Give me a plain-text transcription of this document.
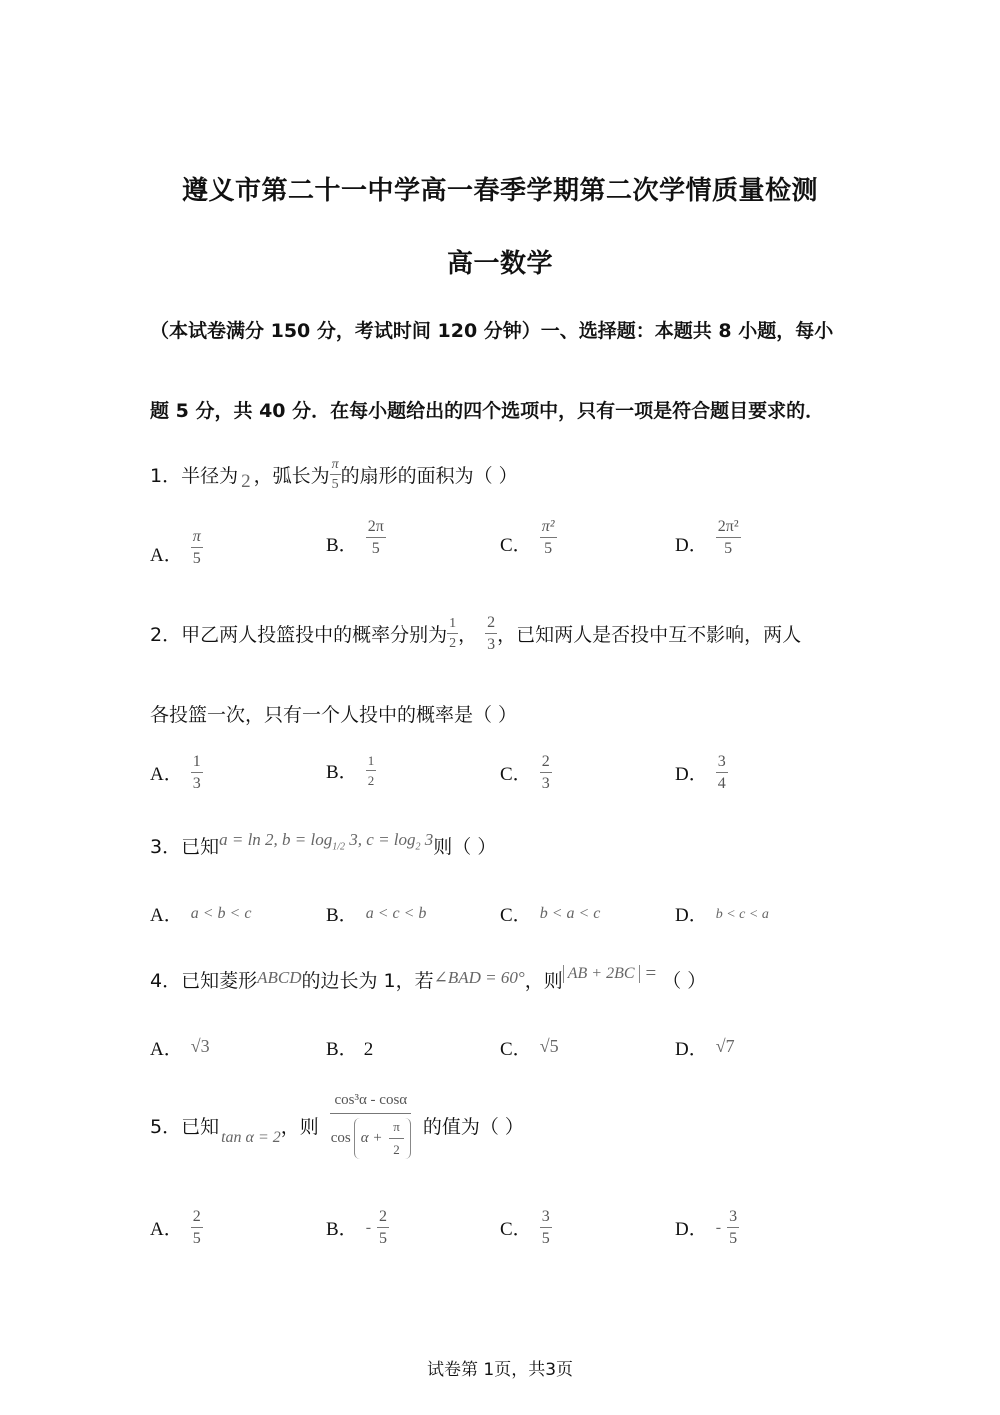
遵义市第二十一中学高一春季学期第二次学情质量检测
高一数学
（本试卷满分 150 分，考试时间 120 分钟）一、选择题：本题共 8 小题，每小
题 5 分，共 40 分．在每小题给出的四个选项中，只有一项是符合题目要求的．
1． 半径为 2 ，弧长为 $\frac{\pi}{5}$ 的扇形的面积为（ ）
A． $\frac{\pi}{5}$	B． $\frac{2\pi}{5}$	C． $\frac{\text{π²}}{5}$	D． $\frac{\text{2π²}}{5}$
2． 甲乙两人投篮投中的概率分别为 $\frac{1}{2}$ ， $\frac{2}{3}$ ，已知两人是否投中互不影响，两人
各投篮一次，只有一个人投中的概率是（ ）
A． $\frac{1}{3}$	B． $\frac{1}{2}$	C． $\frac{2}{3}$	D． $\frac{3}{4}$
3． 已知 a = ln 2, $b = \log_{1/2} 3$, $c = \log_2 3$ 则（ ）
A． a < b < c	B． a < c < b	C． b < a < c	D． b < c < a
4． 已知菱形 ABCD 的边长为 1，若 ∠BAD = 60° ，则 AB + 2BC = （ ）
A． √3	B． 2	C． √5	D． √7
5． 已知 tan α = 2 ，则 $\frac{\text{cos³α - cosα}}{\cos \alpha + \frac{\pi}{2}}$ 的值为（ ）
A． $\frac{2}{5}$	B． - $\frac{2}{5}$	C． $\frac{3}{5}$	D． - $\frac{3}{5}$
试卷第 1页，共3页
